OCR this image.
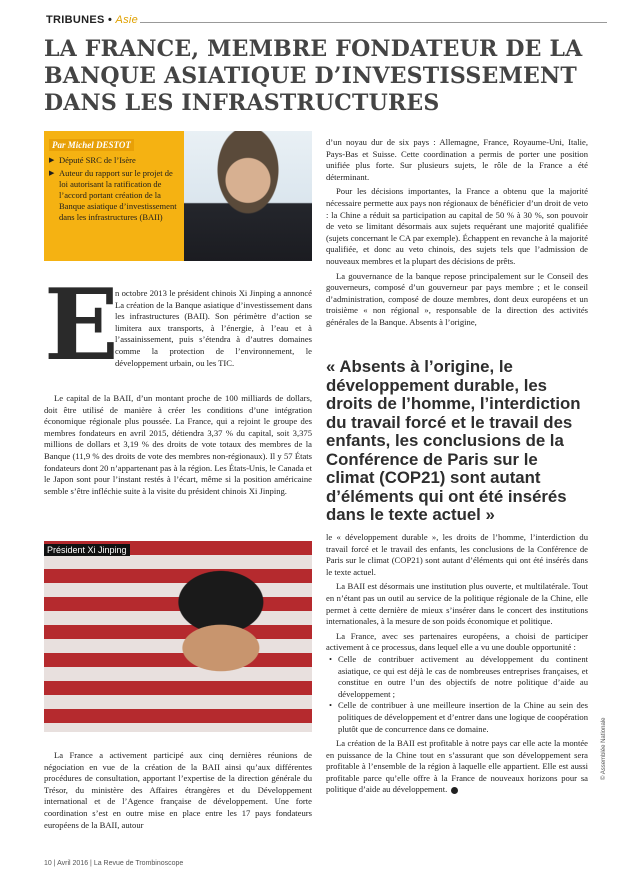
TRIBUNES • Asie
LA FRANCE, MEMBRE FONDATEUR DE LA BANQUE ASIATIQUE D’INVESTISSEMENT DANS LES INFRASTRUCTURES
Par Michel DESTOT
▶ Député SRC de l’Isère
▶ Auteur du rapport sur le projet de loi autorisant la ratification de l’accord portant création de la Banque asiatique d’investissement dans les infrastructures (BAII)
E

n octobre 2013 le président chinois Xi Jinping a annoncé La création de la Banque asiatique d’investissement dans les infrastructures (BAII). Son périmètre d’action se limitera aux transports, à l’énergie, à l’eau et à l’assainissement, puis s’étendra à d’autres domaines comme la protection de l’environnement, le développement urbain, ou les TIC.

Le capital de la BAII, d’un montant proche de 100 milliards de dollars, doit être utilisé de manière à créer les conditions d’une intégration économique régionale plus poussée. La France, qui a rejoint le groupe des membres fondateurs en avril 2015, détiendra 3,37 % du capital, soit 3,375 millions de dollars et 3,19 % des droits de vote totaux des membres de la Banque (11,9 % des droits de vote des membres non-régionaux). Il y 57 États fondateurs dont 20 n’appartenant pas à la région. Les États-Unis, le Canada et le Japon sont pour l’instant restés à l’écart, même si la position américaine semble s’être infléchie suite à la visite du président chinois Xi Jinping.

Président Xi Jinping

La France a activement participé aux cinq dernières réunions de négociation en vue de la création de la BAII ainsi qu’aux différentes procédures de consultation, apportant l’expertise de la direction générale du Trésor, du ministère des Affaires étrangères et du Développement international et de l’Agence française de développement. Une forte coordination s’est en outre mise en place entre les 17 pays fondateurs européens de la BAII, autour

d’un noyau dur de six pays : Allemagne, France, Royaume-Uni, Italie, Pays-Bas et Suisse. Cette coordination a permis de porter une position unifiée plus forte. Sur plusieurs sujets, le rôle de la France a été déterminant.

Pour les décisions importantes, la France a obtenu que la majorité nécessaire permette aux pays non régionaux de bénéficier d’un droit de veto : la Chine a réduit sa participation au capital de 50 % à 30 %, son pouvoir de veto se limitant désormais aux sujets requérant une majorité qualifiée (sujets concernant le CA par exemple). Échappent en revanche à la majorité qualifiée, et donc au veto chinois, des sujets tels que l’admission de nouveaux membres et la plupart des décisions de prêts.

La gouvernance de la banque repose principalement sur le Conseil des gouverneurs, composé d’un gouverneur par pays membre ; et le conseil d’administration, composé de douze membres, dont deux européens et un troisième « non régional », responsable de la direction des activités générales de la Banque. Absents à l’origine,

« Absents à l’origine, le développement durable, les droits de l’homme, l’interdiction du travail forcé et le travail des enfants, les conclusions de la Conférence de Paris sur le climat (COP21) sont autant d’éléments qui ont été insérés dans le texte actuel »

le « développement durable », les droits de l’homme, l’interdiction du travail forcé et le travail des enfants, les conclusions de la Conférence de Paris sur le climat (COP21) sont autant d’éléments qui ont été insérés dans le texte actuel.

La BAII est désormais une institution plus ouverte, et multilatérale. Tout en n’étant pas un outil au service de la politique régionale de la Chine, elle permet à cette dernière de mieux s’insérer dans le concert des institutions internationales, à la mesure de son poids économique et politique.

La France, avec ses partenaires européens, a choisi de participer activement à ce processus, dans lequel elle a vu une double opportunité :

• Celle de contribuer activement au développement du continent asiatique, ce qui est déjà le cas de nombreuses entreprises françaises, et constitue en outre l’un des objectifs de notre politique d’aide au développement ;

• Celle de contribuer à une meilleure insertion de la Chine au sein des politiques de développement et d’entrer dans une logique de coopération plutôt que de concurrence dans ce domaine.

La création de la BAII est profitable à notre pays car elle acte la montée en puissance de la Chine tout en s’assurant que son développement sera profitable à l’ensemble de la région à laquelle elle appartient. Elle est aussi profitable parce qu’elle offre à la France de nouveaux horizons pour sa politique d’aide au développement.

© Assemblée Nationale
10 | Avril 2016 | La Revue de Trombinoscope
